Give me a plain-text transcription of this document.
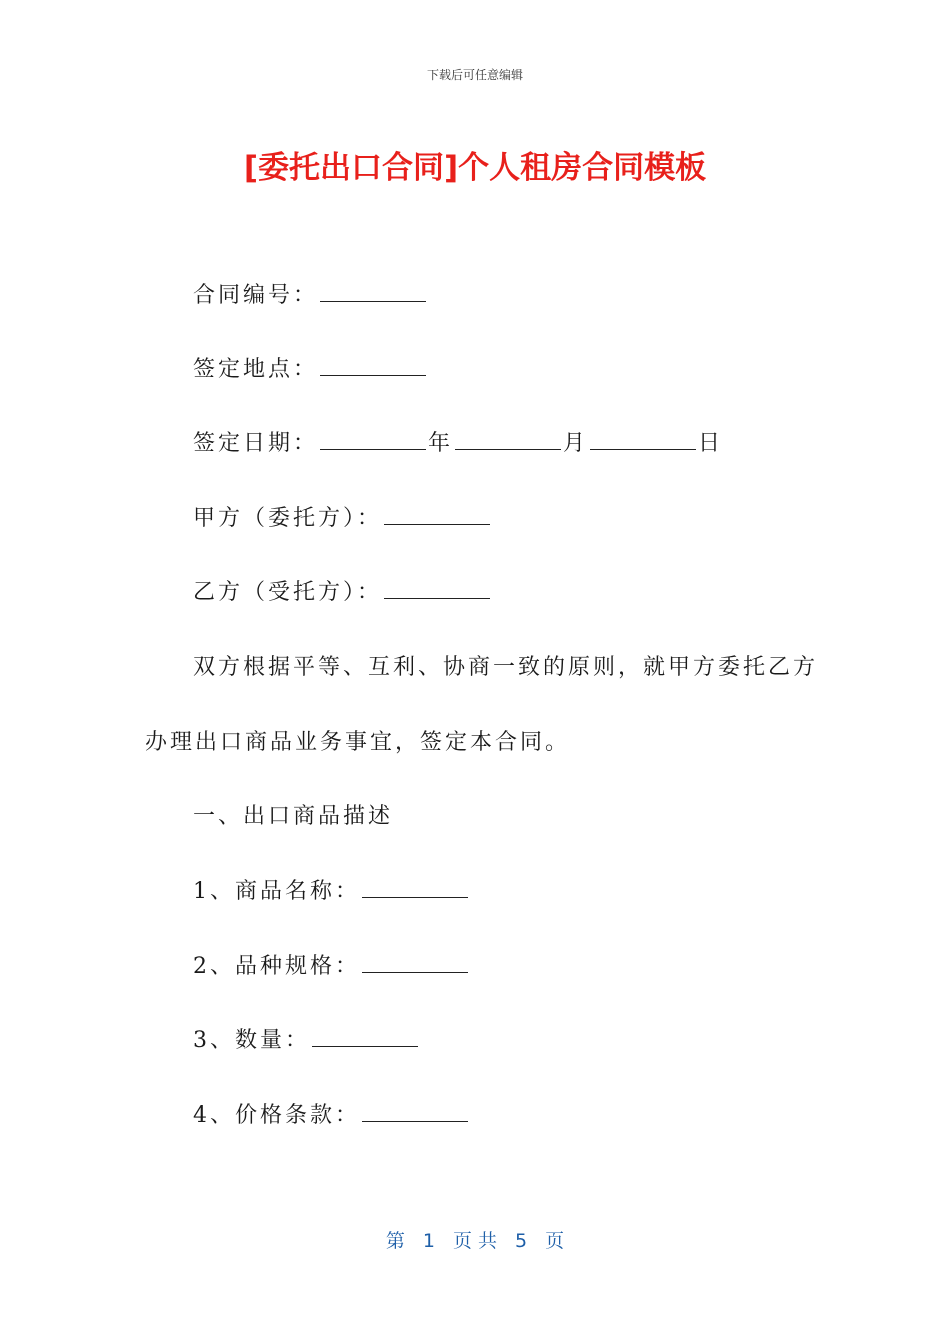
下载后可任意编辑
[委托出口合同]个人租房合同模板
合同编号：
签定地点：
签定日期：	年	月	日
甲方（委托方）：
乙方（受托方）：
双方根据平等、互利、协商一致的原则，就甲方委托乙方
办理出口商品业务事宜，签定本合同。
一、出口商品描述
1、商品名称：
2、品种规格：
3、数量：
4、价格条款：
第 1 页 共 5 页
